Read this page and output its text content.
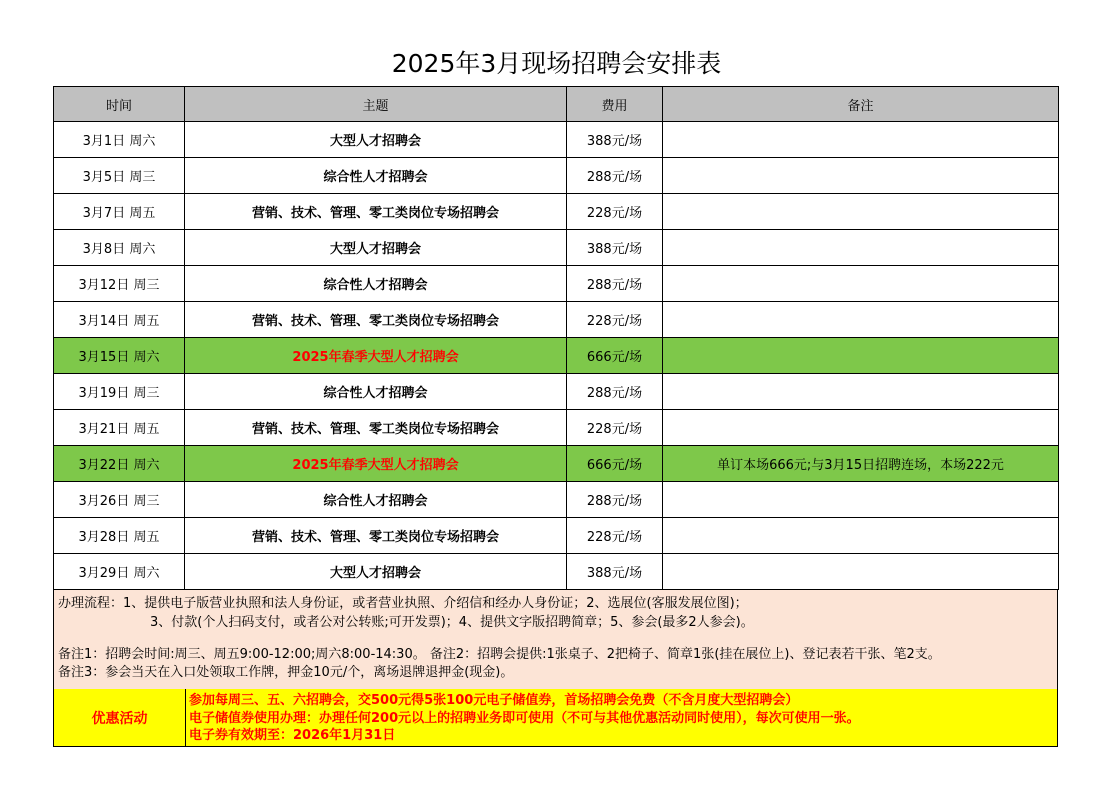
2025年3月现场招聘会安排表
时间	主题	费用	备注
3月1日 周六	大型人才招聘会	388元/场	
3月5日 周三	综合性人才招聘会	288元/场	
3月7日 周五	营销、技术、管理、零工类岗位专场招聘会	228元/场	
3月8日 周六	大型人才招聘会	388元/场	
3月12日 周三	综合性人才招聘会	288元/场	
3月14日 周五	营销、技术、管理、零工类岗位专场招聘会	228元/场	
3月15日 周六	2025年春季大型人才招聘会	666元/场	
3月19日 周三	综合性人才招聘会	288元/场	
3月21日 周五	营销、技术、管理、零工类岗位专场招聘会	228元/场	
3月22日 周六	2025年春季大型人才招聘会	666元/场	单订本场666元;与3月15日招聘连场，本场222元
3月26日 周三	综合性人才招聘会	288元/场	
3月28日 周五	营销、技术、管理、零工类岗位专场招聘会	228元/场	
3月29日 周六	大型人才招聘会	388元/场	
办理流程：1、提供电子版营业执照和法人身份证，或者营业执照、介绍信和经办人身份证；2、选展位(客服发展位图)；
3、付款(个人扫码支付，或者公对公转账;可开发票)；4、提供文字版招聘简章；5、参会(最多2人参会)。
备注1：招聘会时间:周三、周五9:00-12:00;周六8:00-14:30。 备注2：招聘会提供:1张桌子、2把椅子、简章1张(挂在展位上)、登记表若干张、笔2支。
备注3：参会当天在入口处领取工作牌，押金10元/个，离场退牌退押金(现金)。
优惠活动
参加每周三、五、六招聘会，交500元得5张100元电子储值券，首场招聘会免费（不含月度大型招聘会）
电子储值券使用办理：办理任何200元以上的招聘业务即可使用（不可与其他优惠活动同时使用），每次可使用一张。
电子券有效期至：2026年1月31日
